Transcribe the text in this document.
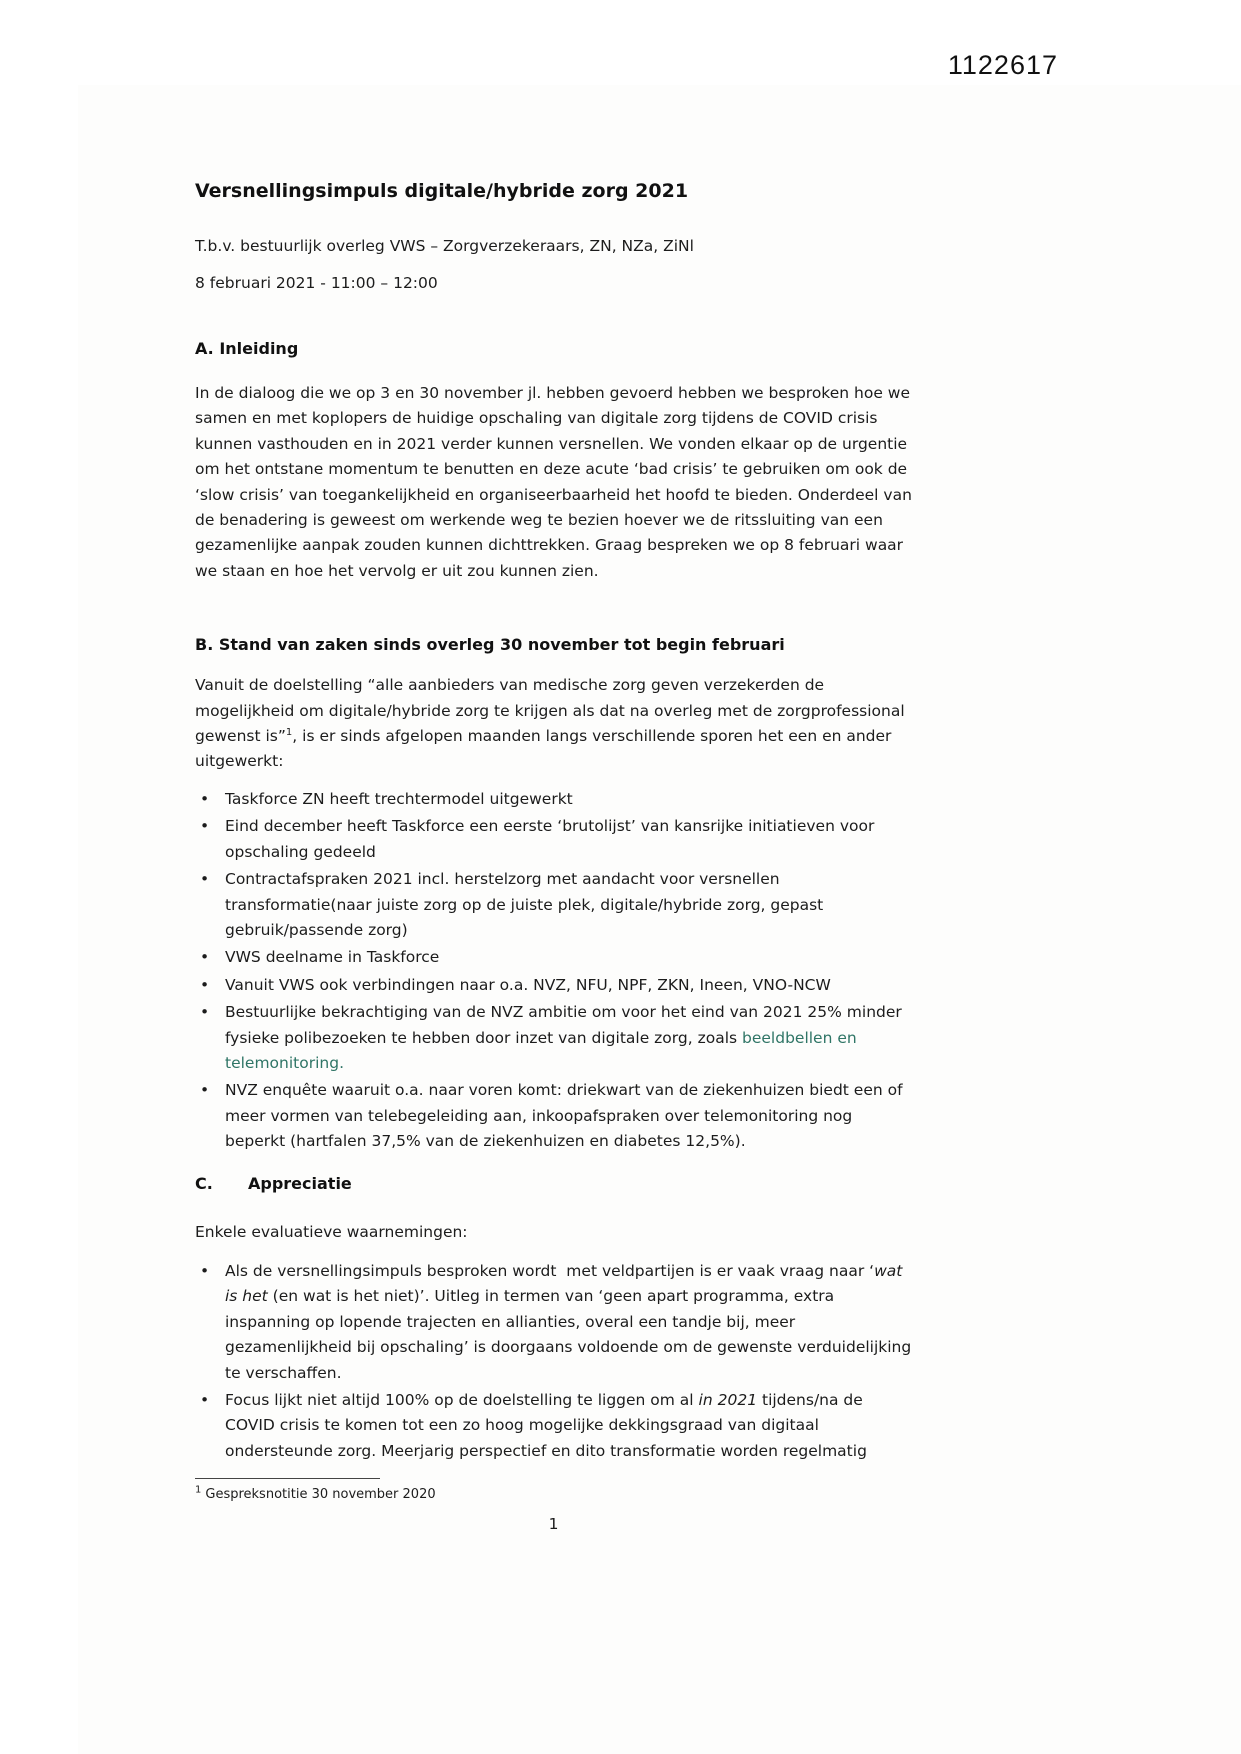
1122617
Versnellingsimpuls digitale/hybride zorg 2021

T.b.v. bestuurlijk overleg VWS – Zorgverzekeraars, ZN, NZa, ZiNl

8 februari 2021 - 11:00 – 12:00

A. Inleiding

In de dialoog die we op 3 en 30 november jl. hebben gevoerd hebben we besproken hoe we samen en met koplopers de huidige opschaling van digitale zorg tijdens de COVID crisis kunnen vasthouden en in 2021 verder kunnen versnellen. We vonden elkaar op de urgentie om het ontstane momentum te benutten en deze acute ‘bad crisis’ te gebruiken om ook de ‘slow crisis’ van toegankelijkheid en organiseerbaarheid het hoofd te bieden. Onderdeel van de benadering is geweest om werkende weg te bezien hoever we de ritssluiting van een gezamenlijke aanpak zouden kunnen dichttrekken. Graag bespreken we op 8 februari waar we staan en hoe het vervolg er uit zou kunnen zien.

B. Stand van zaken sinds overleg 30 november tot begin februari

Vanuit de doelstelling “alle aanbieders van medische zorg geven verzekerden de mogelijkheid om digitale/hybride zorg te krijgen als dat na overleg met de zorgprofessional gewenst is”$^1$, is er sinds afgelopen maanden langs verschillende sporen het een en ander uitgewerkt:

• Taskforce ZN heeft trechtermodel uitgewerkt
• Eind december heeft Taskforce een eerste ‘brutolijst’ van kansrijke initiatieven voor opschaling gedeeld
• Contractafspraken 2021 incl. herstelzorg met aandacht voor versnellen transformatie(naar juiste zorg op de juiste plek, digitale/hybride zorg, gepast gebruik/passende zorg)
• VWS deelname in Taskforce
• Vanuit VWS ook verbindingen naar o.a. NVZ, NFU, NPF, ZKN, Ineen, VNO-NCW
• Bestuurlijke bekrachtiging van de NVZ ambitie om voor het eind van 2021 25% minder fysieke polibezoeken te hebben door inzet van digitale zorg, zoals beeldbellen en telemonitoring.
• NVZ enquête waaruit o.a. naar voren komt: driekwart van de ziekenhuizen biedt een of meer vormen van telebegeleiding aan, inkoopafspraken over telemonitoring nog beperkt (hartfalen 37,5% van de ziekenhuizen en diabetes 12,5%).
C. Appreciatie

Enkele evaluatieve waarnemingen:

• Als de versnellingsimpuls besproken wordt  met veldpartijen is er vaak vraag naar ‘wat is het (en wat is het niet)’. Uitleg in termen van ‘geen apart programma, extra inspanning op lopende trajecten en allianties, overal een tandje bij, meer gezamenlijkheid bij opschaling’ is doorgaans voldoende om de gewenste verduidelijking te verschaffen.
• Focus lijkt niet altijd 100% op de doelstelling te liggen om al in 2021 tijdens/na de COVID crisis te komen tot een zo hoog mogelijke dekkingsgraad van digitaal ondersteunde zorg. Meerjarig perspectief en dito transformatie worden regelmatig

$^1$ Gespreksnotitie 30 november 2020

1
